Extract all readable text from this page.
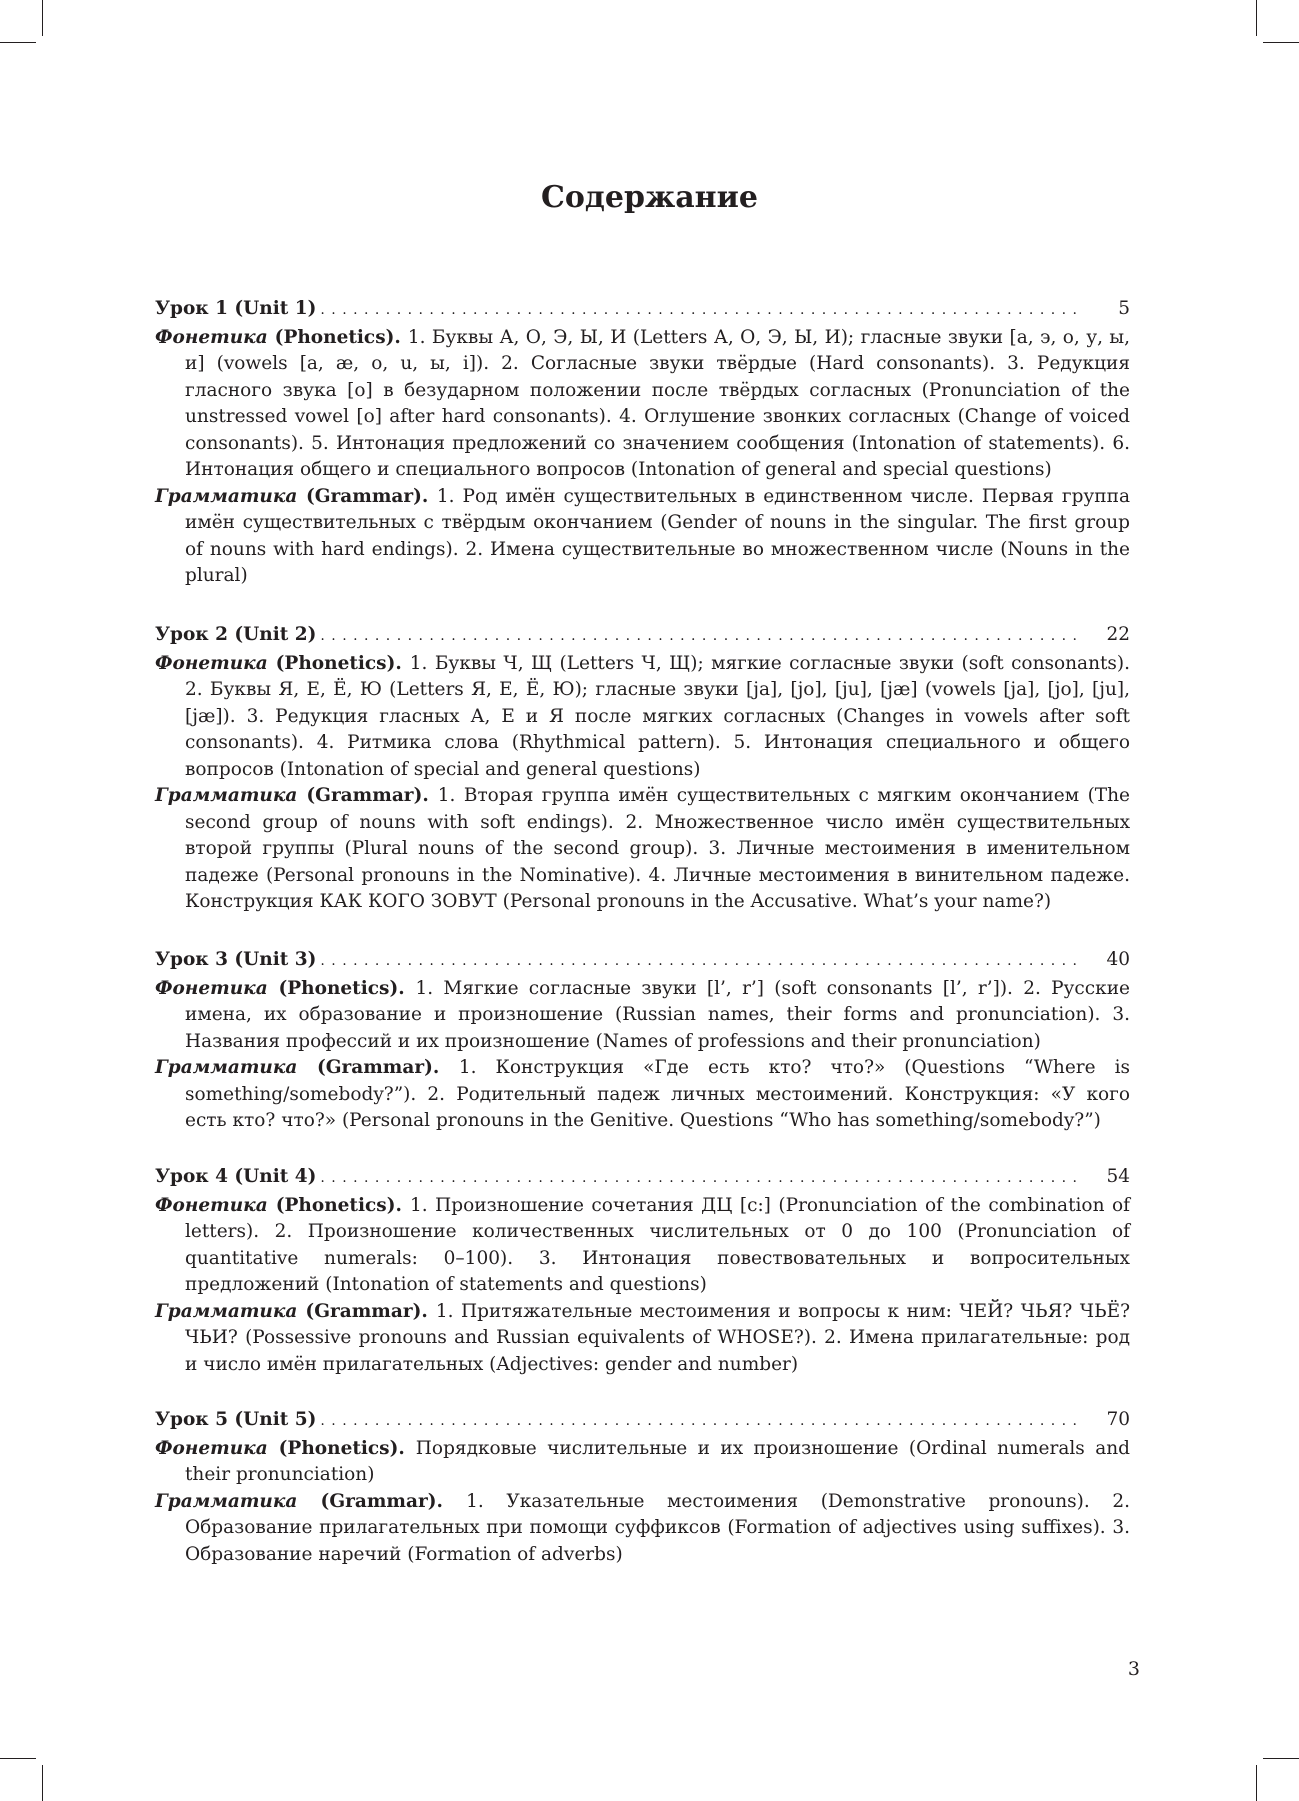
Содержание
Урок 1 (Unit 1) . . .	5

Фонетика (Phonetics). 1. Буквы А, О, Э, Ы, И (Letters А, О, Э, Ы, И); гласные звуки [а, э, о, у, ы, и] (vowels [a, æ, o, u, ы, i]). 2. Согласные звуки твёрдые (Hard consonants). 3. Редукция гласного звука [о] в безударном положении после твёрдых согласных (Pronunciation of the unstressed vowel [o] after hard consonants). 4. Оглушение звонких согласных (Change of voiced consonants). 5. Интонация предложений со значением сообщения (Intonation of statements). 6. Интонация общего и специального вопросов (Intonation of general and special questions)

Грамматика (Grammar). 1. Род имён существительных в единственном числе. Первая группа имён существительных с твёрдым окончанием (Gender of nouns in the singular. The first group of nouns with hard endings). 2. Имена существительные во множественном числе (Nouns in the plural)

Урок 2 (Unit 2) . . .	22

Фонетика (Phonetics). 1. Буквы Ч, Щ (Letters Ч, Щ); мягкие согласные звуки (soft consonants). 2. Буквы Я, Е, Ё, Ю (Letters Я, Е, Ё, Ю); гласные звуки [ja], [jo], [ju], [jæ] (vowels [ja], [jo], [ju], [jæ]). 3. Редукция гласных А, Е и Я после мягких согласных (Changes in vowels after soft consonants). 4. Ритмика слова (Rhythmical pattern). 5. Интонация специального и общего вопросов (Intonation of special and general questions)

Грамматика (Grammar). 1. Вторая группа имён существительных с мягким окончанием (The second group of nouns with soft endings). 2. Множественное число имён существительных второй группы (Plural nouns of the second group). 3. Личные местоимения в именительном падеже (Personal pronouns in the Nominative). 4. Личные местоимения в винительном падеже. Конструкция КАК КОГО ЗОВУТ (Personal pronouns in the Accusative. What’s your name?)

Урок 3 (Unit 3) . . .	40

Фонетика (Phonetics). 1. Мягкие согласные звуки [l’, r’] (soft consonants [l’, r’]). 2. Русские имена, их образование и произношение (Russian names, their forms and pronunciation). 3. Названия профессий и их произношение (Names of professions and their pronunciation)

Грамматика (Grammar). 1. Конструкция «Где есть кто? что?» (Questions “Where is something/somebody?”). 2. Родительный падеж личных местоимений. Конструкция: «У кого есть кто? что?» (Personal pronouns in the Genitive. Questions “Who has something/somebody?”)

Урок 4 (Unit 4) . . .	54

Фонетика (Phonetics). 1. Произношение сочетания ДЦ [c:] (Pronunciation of the combination of letters). 2. Произношение количественных числительных от 0 до 100 (Pronunciation of quantitative numerals: 0–100). 3. Интонация повествовательных и вопросительных предложений (Intonation of statements and questions)

Грамматика (Grammar). 1. Притяжательные местоимения и вопросы к ним: ЧЕЙ? ЧЬЯ? ЧЬЁ? ЧЬИ? (Possessive pronouns and Russian equivalents of WHOSE?). 2. Имена прилагательные: род и число имён прилагательных (Adjectives: gender and number)

Урок 5 (Unit 5) . . .	70

Фонетика (Phonetics). Порядковые числительные и их произношение (Ordinal numerals and their pronunciation)

Грамматика (Grammar). 1. Указательные местоимения (Demonstrative pronouns). 2. Образование прилагательных при помощи суффиксов (Formation of adjectives using suffixes). 3. Образование наречий (Formation of adverbs)

3
